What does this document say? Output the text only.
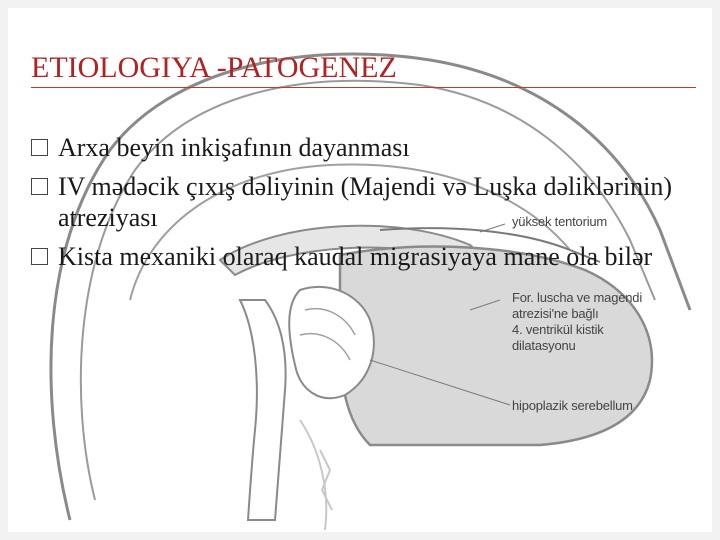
ETIOLOGIYA -PATOGENEZ
Arxa beyin inkişafının dayanması
IV mədəcik çıxış dəliyinin (Majendi və Luşka dəliklərinin) atreziyası
Kista mexaniki olaraq kaudal migrasiyaya mane ola bilər
yüksek tentorium
For. luscha ve magendi
atrezisi'ne bağlı
4. ventrikül kistik
dilatasyonu
hipoplazik serebellum
